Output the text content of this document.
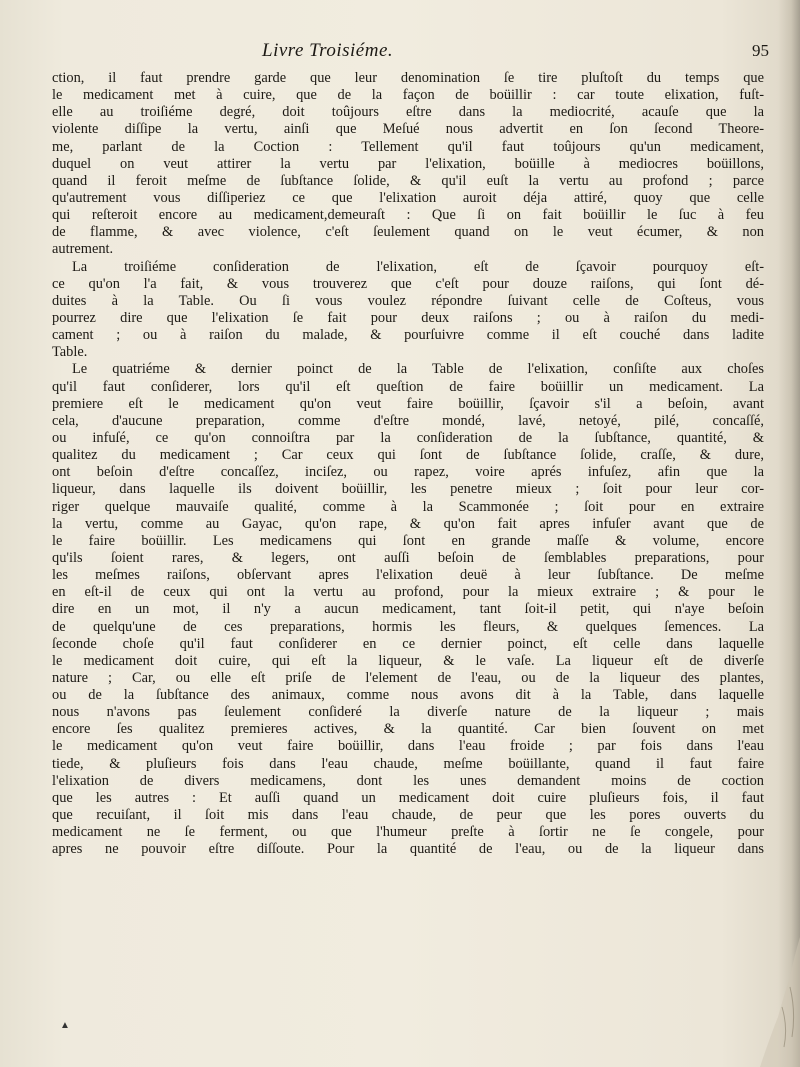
Livre Troisiéme.	95
ction, il faut prendre garde que leur denomination ſe tire pluſtoſt du temps que
le medicament met à cuire, que de la façon de boüillir : car toute elixation, fuſt-
elle au troiſiéme degré, doit toûjours eſtre dans la mediocrité, acauſe que la
violente diſſipe la vertu, ainſi que Meſué nous advertit en ſon ſecond Theore-
me, parlant de la Coction : Tellement qu'il faut toûjours qu'un medicament,
duquel on veut attirer la vertu par l'elixation, boüille à mediocres boüillons,
quand il feroit meſme de ſubſtance ſolide, & qu'il euſt la vertu au profond ; parce
qu'autrement vous diſſiperiez ce que l'elixation auroit déja attiré, quoy que celle
qui reſteroit encore au medicament,demeuraſt : Que ſi on fait boüillir le ſuc à feu
de flamme, & avec violence, c'eſt ſeulement quand on le veut écumer, & non
autrement.
La troiſiéme conſideration de l'elixation, eſt de ſçavoir pourquoy eſt-
ce qu'on l'a fait, & vous trouverez que c'eſt pour douze raiſons, qui ſont dé-
duites à la Table. Ou ſi vous voulez répondre ſuivant celle de Coſteus, vous
pourrez dire que l'elixation ſe fait pour deux raiſons ; ou à raiſon du medi-
cament ; ou à raiſon du malade, & pourſuivre comme il eſt couché dans ladite
Table.
Le quatriéme & dernier poinct de la Table de l'elixation, conſiſte aux choſes
qu'il faut conſiderer, lors qu'il eſt queſtion de faire boüillir un medicament. La
premiere eſt le medicament qu'on veut faire boüillir, ſçavoir s'il a beſoin, avant
cela, d'aucune preparation, comme d'eſtre mondé, lavé, netoyé, pilé, concaſſé,
ou infuſé, ce qu'on connoiſtra par la conſideration de la ſubſtance, quantité, &
qualitez du medicament ; Car ceux qui ſont de ſubſtance ſolide, craſſe, & dure,
ont beſoin d'eſtre concaſſez, inciſez, ou rapez, voire aprés infuſez, afin que la
liqueur, dans laquelle ils doivent boüillir, les penetre mieux ; ſoit pour leur cor-
riger quelque mauvaiſe qualité, comme à la Scammonée ; ſoit pour en extraire
la vertu, comme au Gayac, qu'on rape, & qu'on fait apres infuſer avant que de
le faire boüillir. Les medicamens qui ſont en grande maſſe & volume, encore
qu'ils ſoient rares, & legers, ont auſſi beſoin de ſemblables preparations, pour
les meſmes raiſons, obſervant apres l'elixation deuë à leur ſubſtance. De meſme
en eſt-il de ceux qui ont la vertu au profond, pour la mieux extraire ; & pour le
dire en un mot, il n'y a aucun medicament, tant ſoit-il petit, qui n'aye beſoin
de quelqu'une de ces preparations, hormis les fleurs, & quelques ſemences. La
ſeconde choſe qu'il faut conſiderer en ce dernier poinct, eſt celle dans laquelle
le medicament doit cuire, qui eſt la liqueur, & le vaſe. La liqueur eſt de diverſe
nature ; Car, ou elle eſt priſe de l'element de l'eau, ou de la liqueur des plantes,
ou de la ſubſtance des animaux, comme nous avons dit à la Table, dans laquelle
nous n'avons pas ſeulement conſideré la diverſe nature de la liqueur ; mais
encore ſes qualitez premieres actives, & la quantité. Car bien ſouvent on met
le medicament qu'on veut faire boüillir, dans l'eau froide ; par fois dans l'eau
tiede, & pluſieurs fois dans l'eau chaude, meſme boüillante, quand il faut faire
l'elixation de divers medicamens, dont les unes demandent moins de coction
que les autres : Et auſſi quand un medicament doit cuire pluſieurs fois, il faut
que recuiſant, il ſoit mis dans l'eau chaude, de peur que les pores ouverts du
medicament ne ſe ferment, ou que l'humeur preſte à ſortir ne ſe congele, pour
apres ne pouvoir eſtre diſſoute. Pour la quantité de l'eau, ou de la liqueur dans
▲
